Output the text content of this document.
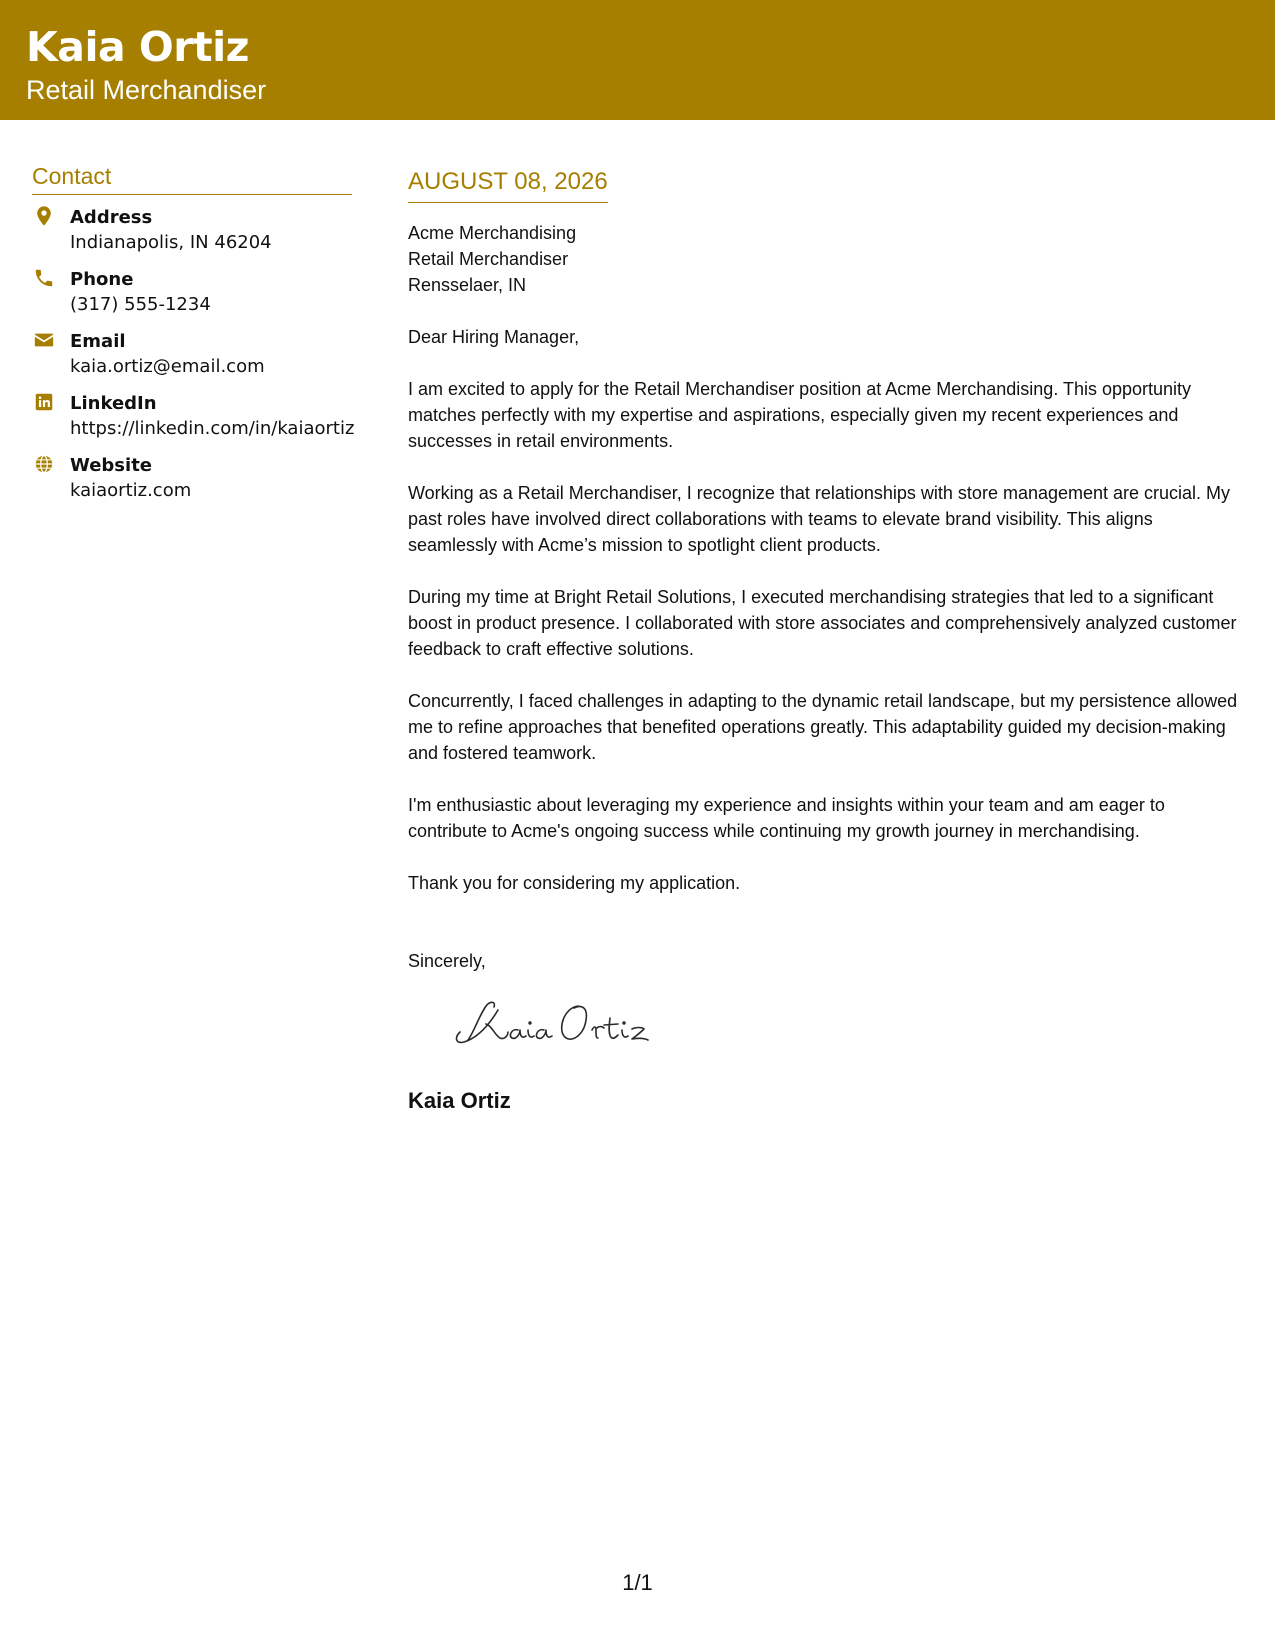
Kaia Ortiz
Retail Merchandiser
Contact
Address
Indianapolis, IN 46204
Phone
(317) 555-1234
Email
kaia.ortiz@email.com
LinkedIn
https://linkedin.com/in/kaiaortiz
Website
kaiaortiz.com
AUGUST 08, 2026
Acme Merchandising
Retail Merchandiser
Rensselaer, IN

Dear Hiring Manager,

I am excited to apply for the Retail Merchandiser position at Acme Merchandising. This opportunity matches perfectly with my expertise and aspirations, especially given my recent experiences and successes in retail environments.

Working as a Retail Merchandiser, I recognize that relationships with store management are crucial. My past roles have involved direct collaborations with teams to elevate brand visibility. This aligns seamlessly with Acme’s mission to spotlight client products.

During my time at Bright Retail Solutions, I executed merchandising strategies that led to a significant boost in product presence. I collaborated with store associates and comprehensively analyzed customer feedback to craft effective solutions.

Concurrently, I faced challenges in adapting to the dynamic retail landscape, but my persistence allowed me to refine approaches that benefited operations greatly. This adaptability guided my decision-making and fostered teamwork.

I'm enthusiastic about leveraging my experience and insights within your team and am eager to contribute to Acme's ongoing success while continuing my growth journey in merchandising.

Thank you for considering my application.

Sincerely,
Kaia Ortiz
1/1
